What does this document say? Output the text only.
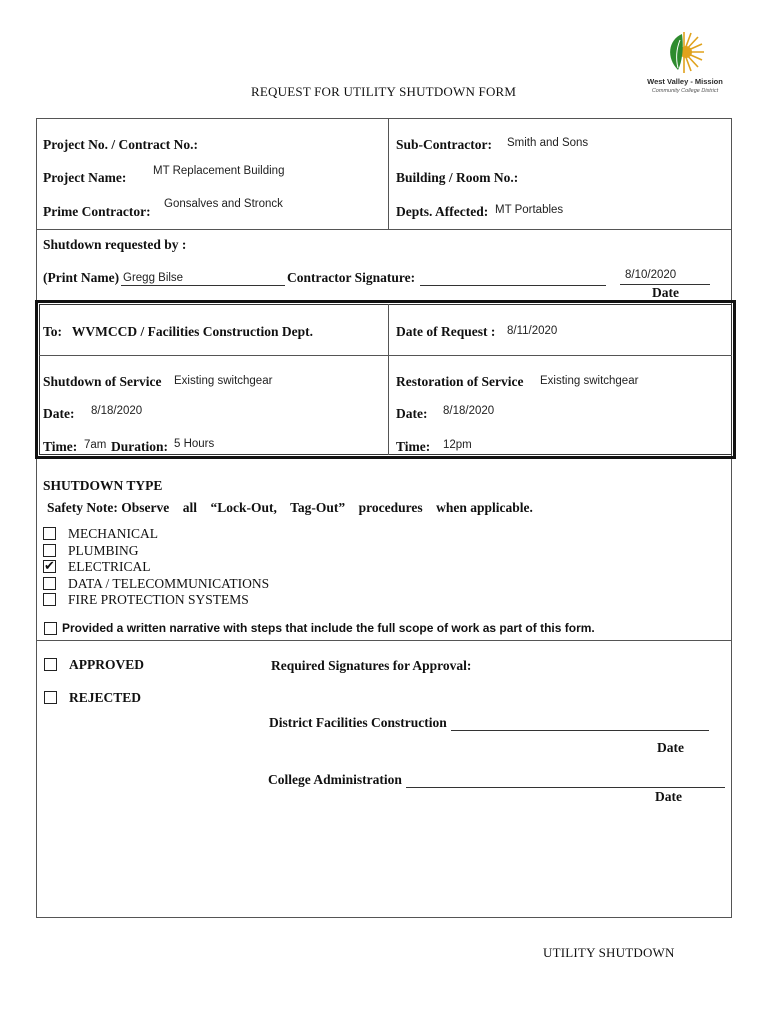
West Valley - Mission
Community College District
REQUEST FOR UTILITY SHUTDOWN FORM
Project No. / Contract No.:	Sub-Contractor: Smith and Sons
Project Name: MT Replacement Building	Building / Room No.:
Prime Contractor: Gonsalves and Stronck	Depts. Affected: MT Portables
Shutdown requested by :
(Print Name) Gregg Bilse	Contractor Signature:	8/10/2020
Date
To:   WVMCCD / Facilities Construction Dept.	Date of Request : 8/11/2020
Shutdown of Service Existing switchgear	Restoration of Service Existing switchgear
Date: 8/18/2020	Date: 8/18/2020
Time: 7am Duration: 5 Hours	Time: 12pm
SHUTDOWN TYPE
Safety Note: Observe    all    “Lock-Out,    Tag-Out”    procedures    when applicable.
MECHANICAL
PLUMBING
✔ ELECTRICAL
DATA / TELECOMMUNICATIONS
FIRE PROTECTION SYSTEMS
Provided a written narrative with steps that include the full scope of work as part of this form.
APPROVED
REJECTED
Required Signatures for Approval:
District Facilities Construction
Date
College Administration
Date
UTILITY SHUTDOWN
